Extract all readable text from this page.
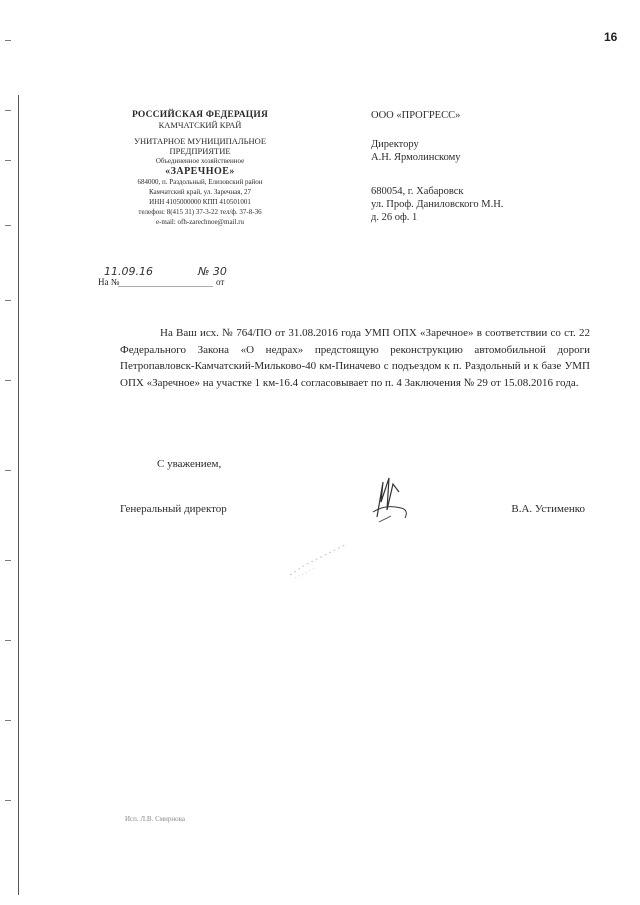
16
РОССИЙСКАЯ ФЕДЕРАЦИЯ
КАМЧАТСКИЙ КРАЙ
УНИТАРНОЕ МУНИЦИПАЛЬНОЕ
ПРЕДПРИЯТИЕ
Объединенное хозяйственное
«ЗАРЕЧНОЕ»
684000, п. Раздольный, Елизовский район
Камчатский край, ул. Заречная, 27
ИНН 4105000000 КПП 410501001
телефон: 8(415 31) 37-3-22 тел/ф. 37-8-36
e-mail: ofh-zarechnoe@mail.ru
11.09.16	№ 30
На №	от
ООО «ПРОГРЕСС»
Директору
А.Н. Ярмолинскому
680054, г. Хабаровск
ул. Проф. Даниловского М.Н.
д. 26 оф. 1
На Ваш исх. № 764/ПО от 31.08.2016 года УМП ОПХ «Заречное» в соответствии со ст. 22 Федерального Закона «О недрах» предстоящую реконструкцию автомобильной дороги Петропавловск-Камчатский-Мильково-40 км-Пиначево с подъездом к п. Раздольный и к базе УМП ОПХ «Заречное» на участке 1 км-16.4 согласовывает по п. 4 Заключения № 29 от 15.08.2016 года.
С уважением,
Генеральный директор	В.А. Устименко
Исп. Л.В. Смирнова
